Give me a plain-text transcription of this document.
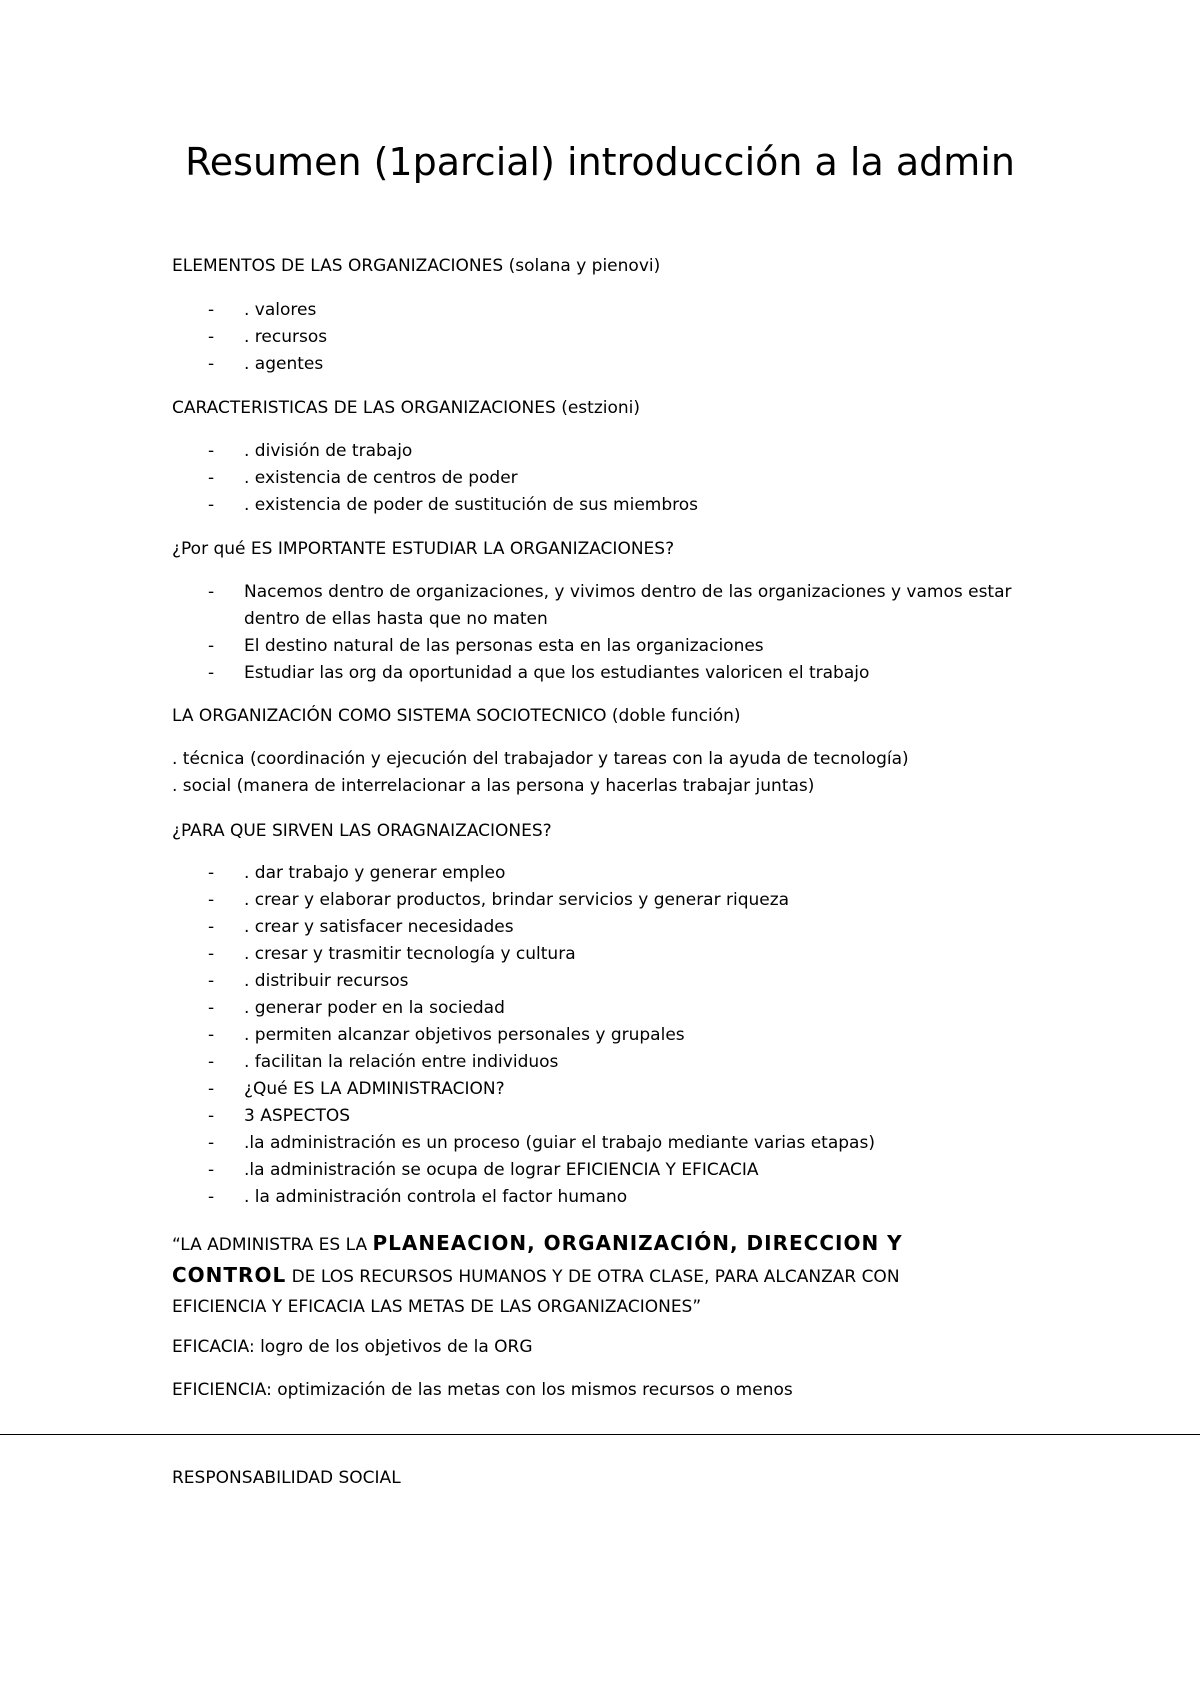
Resumen (1parcial) introducción a la admin
ELEMENTOS DE LAS ORGANIZACIONES (solana y pienovi)
- . valores
- . recursos
- . agentes
CARACTERISTICAS DE LAS ORGANIZACIONES (estzioni)
- . división de trabajo
- . existencia de centros de poder
- . existencia de poder de sustitución de sus miembros
¿Por qué ES IMPORTANTE ESTUDIAR LA ORGANIZACIONES?
- Nacemos dentro de organizaciones, y vivimos dentro de las organizaciones y vamos estar dentro de ellas hasta que no maten
- El destino natural de las personas esta en las organizaciones
- Estudiar las org da oportunidad a que los estudiantes valoricen el trabajo
LA ORGANIZACIÓN COMO SISTEMA SOCIOTECNICO (doble función)
. técnica (coordinación y ejecución del trabajador y tareas con la ayuda de tecnología)
. social (manera de interrelacionar a las persona y hacerlas trabajar juntas)
¿PARA QUE SIRVEN LAS ORAGNAIZACIONES?
- . dar trabajo y generar empleo
- . crear y elaborar productos, brindar servicios y generar riqueza
- . crear y satisfacer necesidades
- . cresar y trasmitir tecnología y cultura
- . distribuir recursos
- . generar poder en la sociedad
- . permiten alcanzar objetivos personales y grupales
- . facilitan la relación entre individuos
- ¿Qué ES LA ADMINISTRACION?
- 3 ASPECTOS
- .la administración es un proceso (guiar el trabajo mediante varias etapas)
- .la administración se ocupa de lograr EFICIENCIA Y EFICACIA
- . la administración controla el factor humano
“LA ADMINISTRA ES LA PLANEACION, ORGANIZACIÓN, DIRECCION Y CONTROL DE LOS RECURSOS HUMANOS Y DE OTRA CLASE, PARA ALCANZAR CON EFICIENCIA Y EFICACIA LAS METAS DE LAS ORGANIZACIONES”
EFICACIA: logro de los objetivos de la ORG
EFICIENCIA: optimización de las metas con los mismos recursos o menos
RESPONSABILIDAD SOCIAL
